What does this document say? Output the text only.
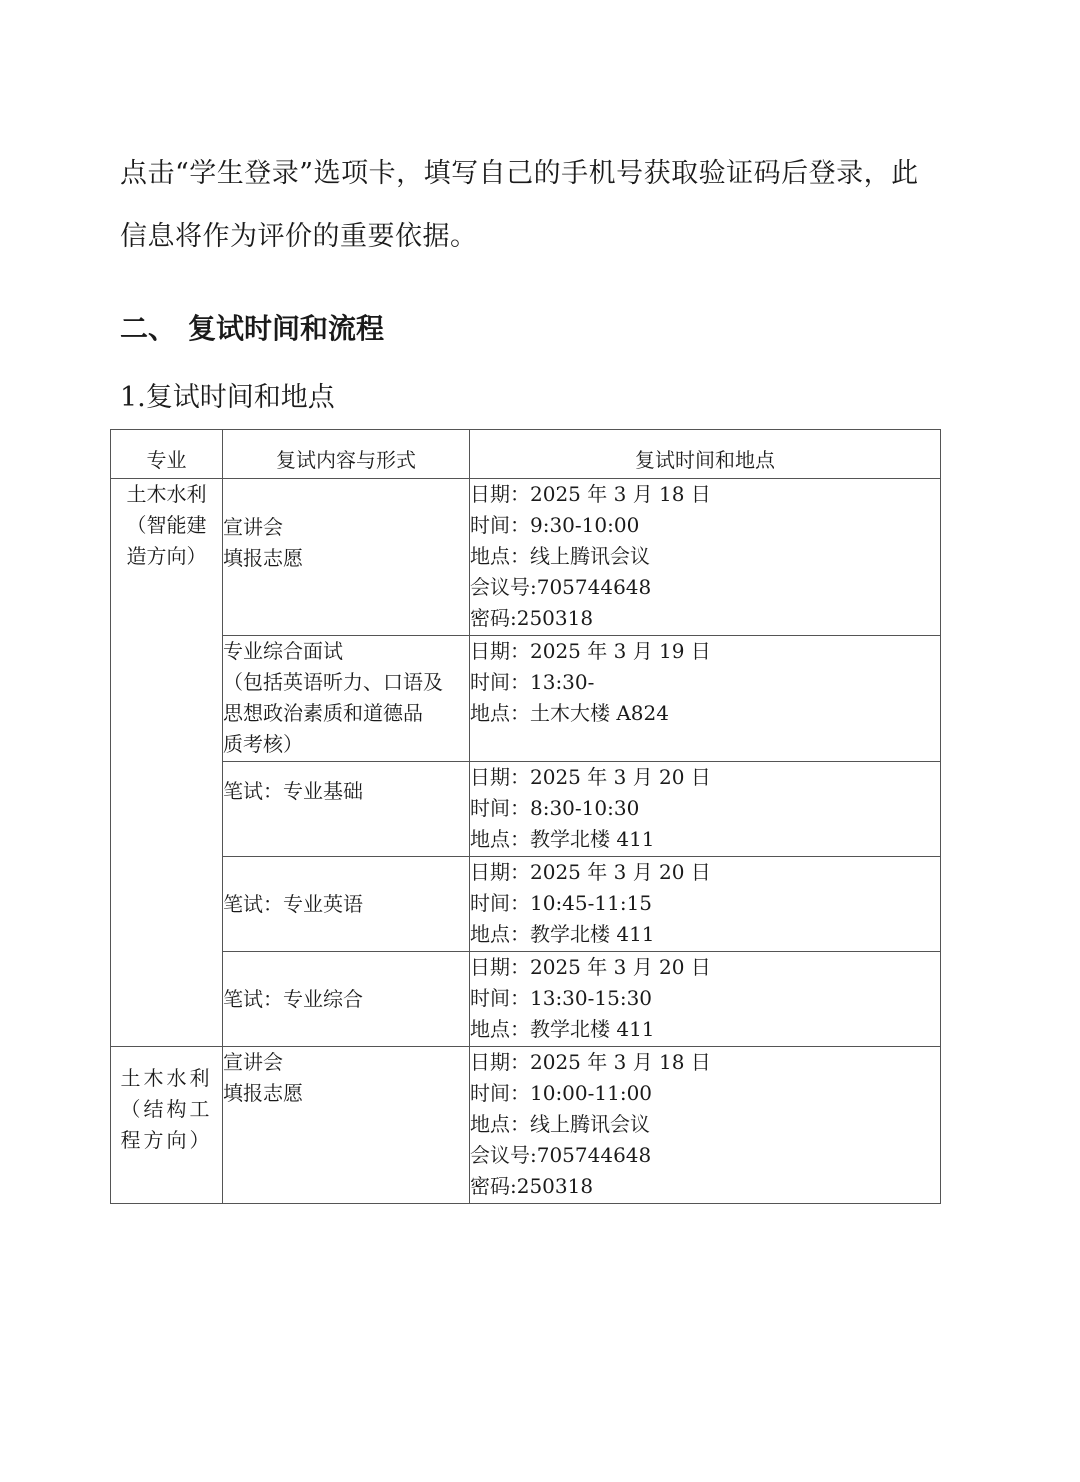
点击“学生登录”选项卡，填写自己的手机号获取验证码后登录，此
信息将作为评价的重要依据。
二、 复试时间和流程
1.复试时间和地点
专业	复试内容与形式	复试时间和地点

土木水利
（智能建
造方向）	宣讲会
填报志愿	日期：2025 年 3 月 18 日
时间：9:30-10:00
地点：线上腾讯会议
会议号:705744648
密码:250318

	专业综合面试
（包括英语听力、口语及
思想政治素质和道德品
质考核）	日期：2025 年 3 月 19 日
时间：13:30-
地点：土木大楼 A824

	笔试：专业基础	日期：2025 年 3 月 20 日
时间：8:30-10:30
地点：教学北楼 411

	笔试：专业英语	日期：2025 年 3 月 20 日
时间：10:45-11:15
地点：教学北楼 411

	笔试：专业综合	日期：2025 年 3 月 20 日
时间：13:30-15:30
地点：教学北楼 411

土木水利
（结构工
程方向）	宣讲会
填报志愿	日期：2025 年 3 月 18 日
时间：10:00-11:00
地点：线上腾讯会议
会议号:705744648
密码:250318
